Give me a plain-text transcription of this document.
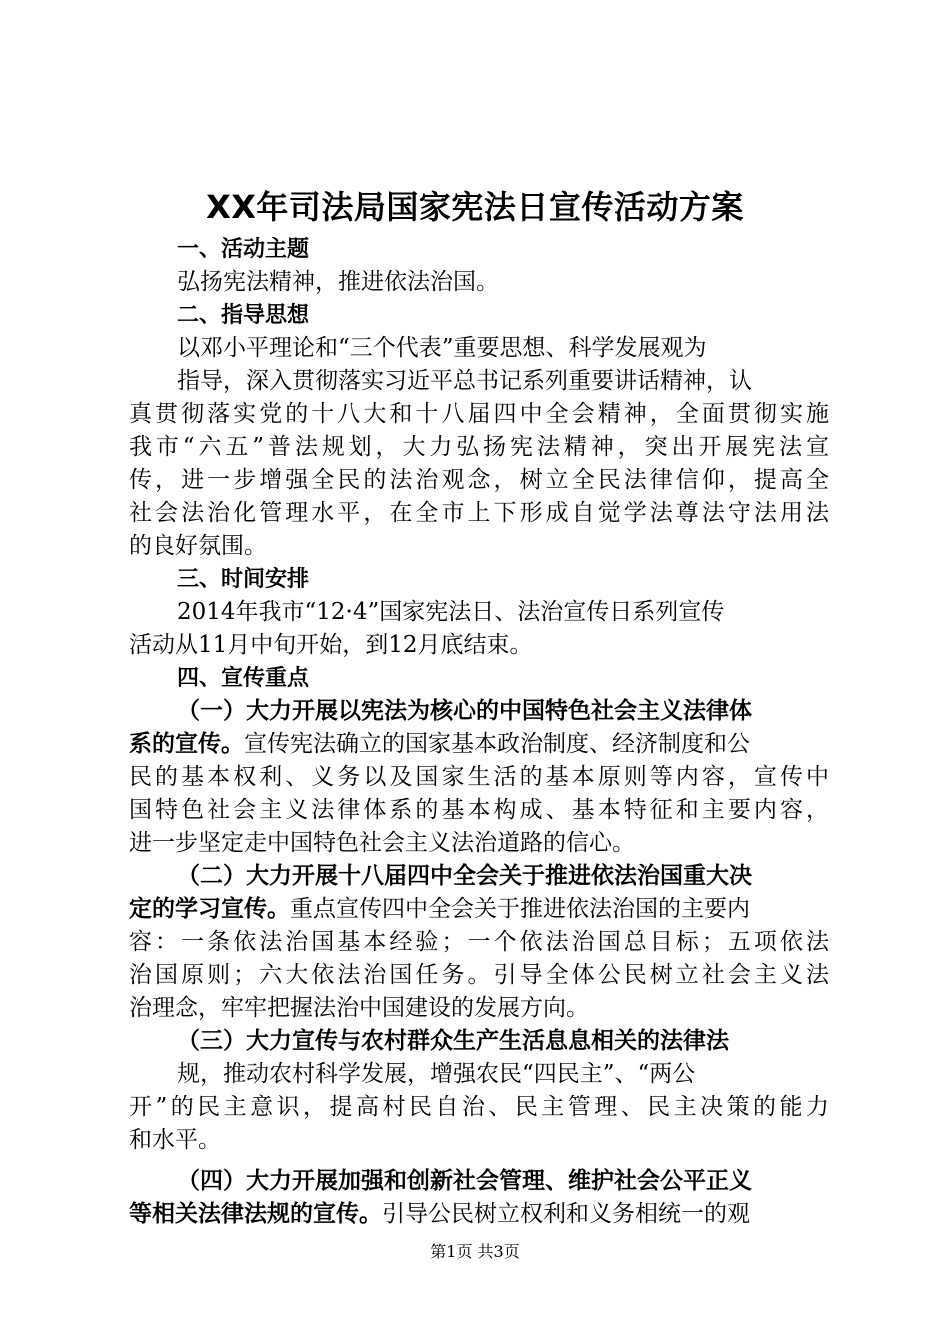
XX年司法局国家宪法日宣传活动方案
一、活动主题
弘扬宪法精神，推进依法治国。
二、指导思想
以邓小平理论和“三个代表”重要思想、科学发展观为
指导，深入贯彻落实习近平总书记系列重要讲话精神，认
真贯彻落实党的十八大和十八届四中全会精神，全面贯彻实施
我市“六五”普法规划，大力弘扬宪法精神，突出开展宪法宣
传，进一步增强全民的法治观念，树立全民法律信仰，提高全
社会法治化管理水平，在全市上下形成自觉学法尊法守法用法
的良好氛围。
三、时间安排
2014年我市“12·4”国家宪法日、法治宣传日系列宣传
活动从11月中旬开始，到12月底结束。
四、宣传重点
（一）大力开展以宪法为核心的中国特色社会主义法律体
系的宣传。宣传宪法确立的国家基本政治制度、经济制度和公
民的基本权利、义务以及国家生活的基本原则等内容，宣传中
国特色社会主义法律体系的基本构成、基本特征和主要内容，
进一步坚定走中国特色社会主义法治道路的信心。
（二）大力开展十八届四中全会关于推进依法治国重大决
定的学习宣传。重点宣传四中全会关于推进依法治国的主要内
容：一条依法治国基本经验；一个依法治国总目标；五项依法
治国原则；六大依法治国任务。引导全体公民树立社会主义法
治理念，牢牢把握法治中国建设的发展方向。
（三）大力宣传与农村群众生产生活息息相关的法律法
规，推动农村科学发展，增强农民“四民主”、“两公
开”的民主意识，提高村民自治、民主管理、民主决策的能力
和水平。
（四）大力开展加强和创新社会管理、维护社会公平正义
等相关法律法规的宣传。引导公民树立权利和义务相统一的观
第1页 共3页
